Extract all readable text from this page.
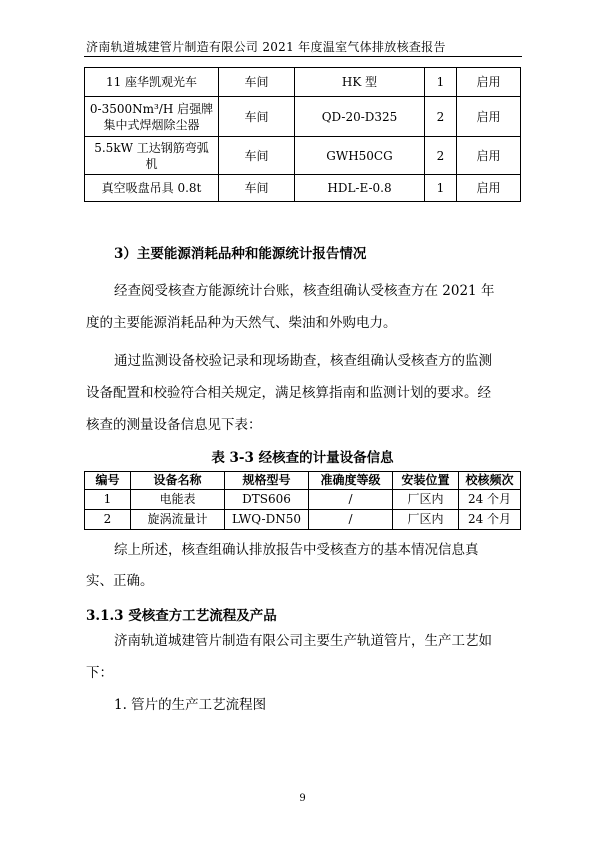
济南轨道城建管片制造有限公司 2021 年度温室气体排放核查报告
11 座华凯观光车	车间	HK 型	1	启用
0-3500Nm³/H 启强牌集中式焊烟除尘器	车间	QD-20-D325	2	启用
5.5kW 工达钢筋弯弧机	车间	GWH50CG	2	启用
真空吸盘吊具 0.8t	车间	HDL-E-0.8	1	启用
3）主要能源消耗品种和能源统计报告情况
经查阅受核查方能源统计台账，核查组确认受核查方在 2021 年
度的主要能源消耗品种为天然气、柴油和外购电力。
通过监测设备校验记录和现场勘查，核查组确认受核查方的监测
设备配置和校验符合相关规定，满足核算指南和监测计划的要求。经
核查的测量设备信息见下表：
表 3-3 经核查的计量设备信息
编号	设备名称	规格型号	准确度等级	安装位置	校核频次
1	电能表	DTS606	/	厂区内	24 个月
2	旋涡流量计	LWQ-DN50	/	厂区内	24 个月
综上所述，核查组确认排放报告中受核查方的基本情况信息真
实、正确。
3.1.3 受核查方工艺流程及产品
济南轨道城建管片制造有限公司主要生产轨道管片，生产工艺如
下：
1. 管片的生产工艺流程图
9
